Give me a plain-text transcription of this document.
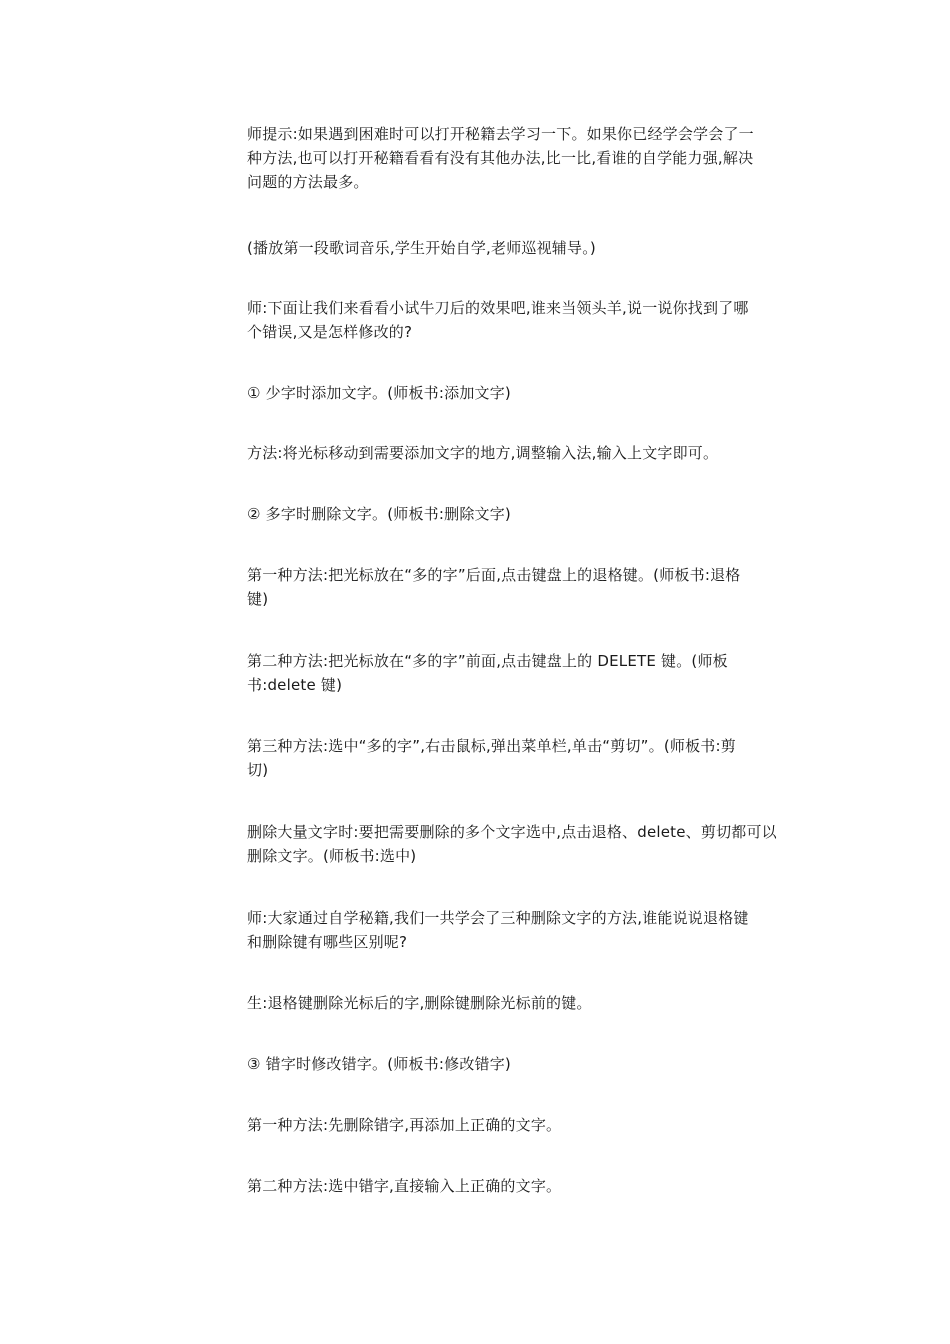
师提示:如果遇到困难时可以打开秘籍去学习一下。如果你已经学会学会了一
种方法,也可以打开秘籍看看有没有其他办法,比一比,看谁的自学能力强,解决
问题的方法最多。
(播放第一段歌词音乐,学生开始自学,老师巡视辅导。)
师:下面让我们来看看小试牛刀后的效果吧,谁来当领头羊,说一说你找到了哪
个错误,又是怎样修改的?
① 少字时添加文字。(师板书:添加文字)
方法:将光标移动到需要添加文字的地方,调整输入法,输入上文字即可。
② 多字时删除文字。(师板书:删除文字)
第一种方法:把光标放在“多的字”后面,点击键盘上的退格键。(师板书:退格
键)
第二种方法:把光标放在“多的字”前面,点击键盘上的 DELETE 键。(师板
书:delete 键)
第三种方法:选中“多的字”,右击鼠标,弹出菜单栏,单击“剪切”。(师板书:剪
切)
删除大量文字时:要把需要删除的多个文字选中,点击退格、delete、剪切都可以
删除文字。(师板书:选中)
师:大家通过自学秘籍,我们一共学会了三种删除文字的方法,谁能说说退格键
和删除键有哪些区别呢?
生:退格键删除光标后的字,删除键删除光标前的键。
③ 错字时修改错字。(师板书:修改错字)
第一种方法:先删除错字,再添加上正确的文字。
第二种方法:选中错字,直接输入上正确的文字。
